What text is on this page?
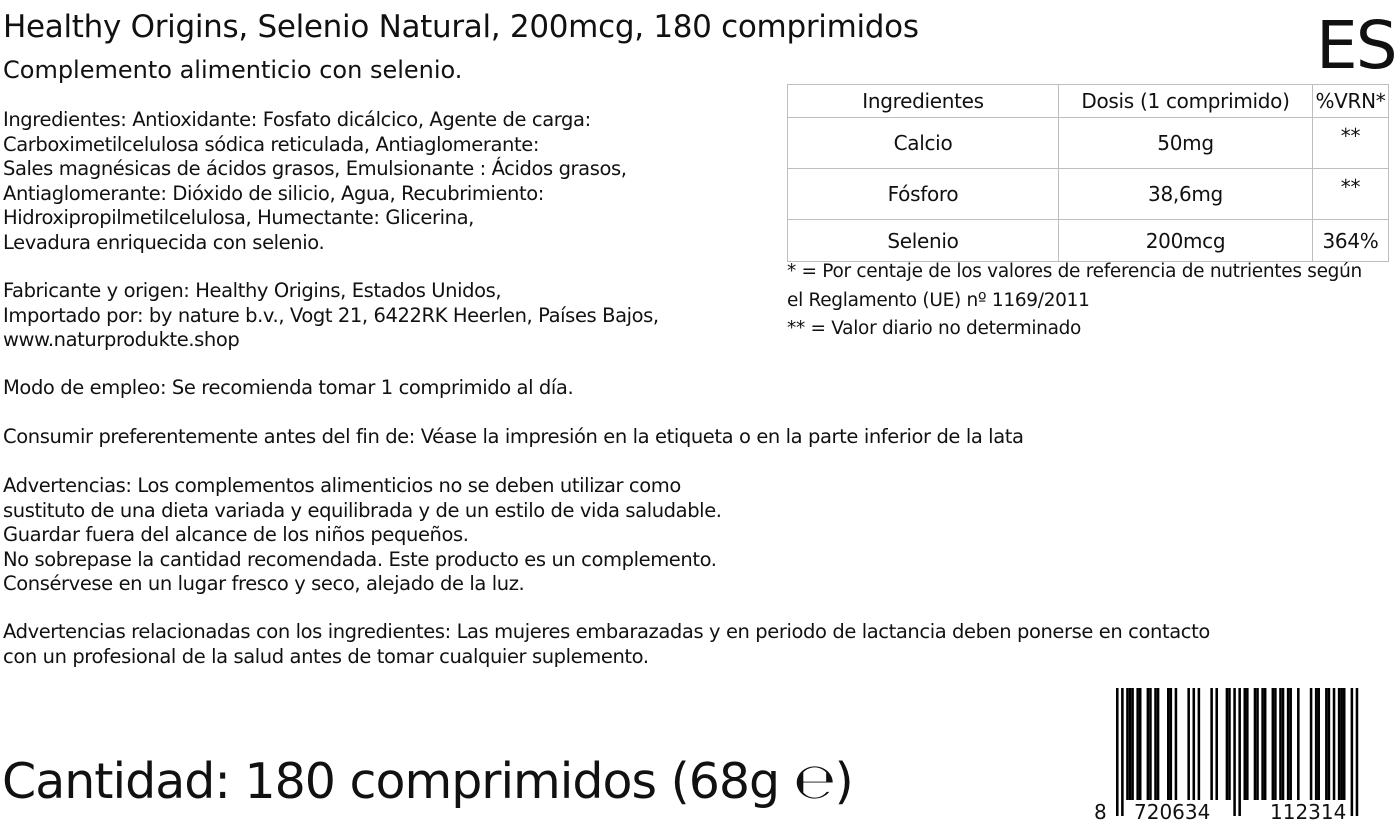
Healthy Origins, Selenio Natural, 200mcg, 180 comprimidos
Complemento alimenticio con selenio.	ES
Ingredientes: Antioxidante: Fosfato dicálcico, Agente de carga:
Carboximetilcelulosa sódica reticulada, Antiaglomerante:
Sales magnésicas de ácidos grasos, Emulsionante : Ácidos grasos,
Antiaglomerante: Dióxido de silicio, Agua, Recubrimiento:
Hidroxipropilmetilcelulosa, Humectante: Glicerina,
Levadura enriquecida con selenio.
Fabricante y origen: Healthy Origins, Estados Unidos,
Importado por: by nature b.v., Vogt 21, 6422RK Heerlen, Países Bajos,
www.naturprodukte.shop
Modo de empleo: Se recomienda tomar 1 comprimido al día.
Consumir preferentemente antes del fin de: Véase la impresión en la etiqueta o en la parte inferior de la lata
Advertencias: Los complementos alimenticios no se deben utilizar como
sustituto de una dieta variada y equilibrada y de un estilo de vida saludable.
Guardar fuera del alcance de los niños pequeños.
No sobrepase la cantidad recomendada. Este producto es un complemento.
Consérvese en un lugar fresco y seco, alejado de la luz.
Advertencias relacionadas con los ingredientes: Las mujeres embarazadas y en periodo de lactancia deben ponerse en contacto
con un profesional de la salud antes de tomar cualquier suplemento.
Ingredientes	Dosis (1 comprimido)	%VRN*
Calcio	50mg	**
Fósforo	38,6mg	**
Selenio	200mcg	364%
* = Por centaje de los valores de referencia de nutrientes según
el Reglamento (UE) nº 1169/2011
** = Valor diario no determinado
Cantidad: 180 comprimidos (68g ℮)
8 720634	112314
